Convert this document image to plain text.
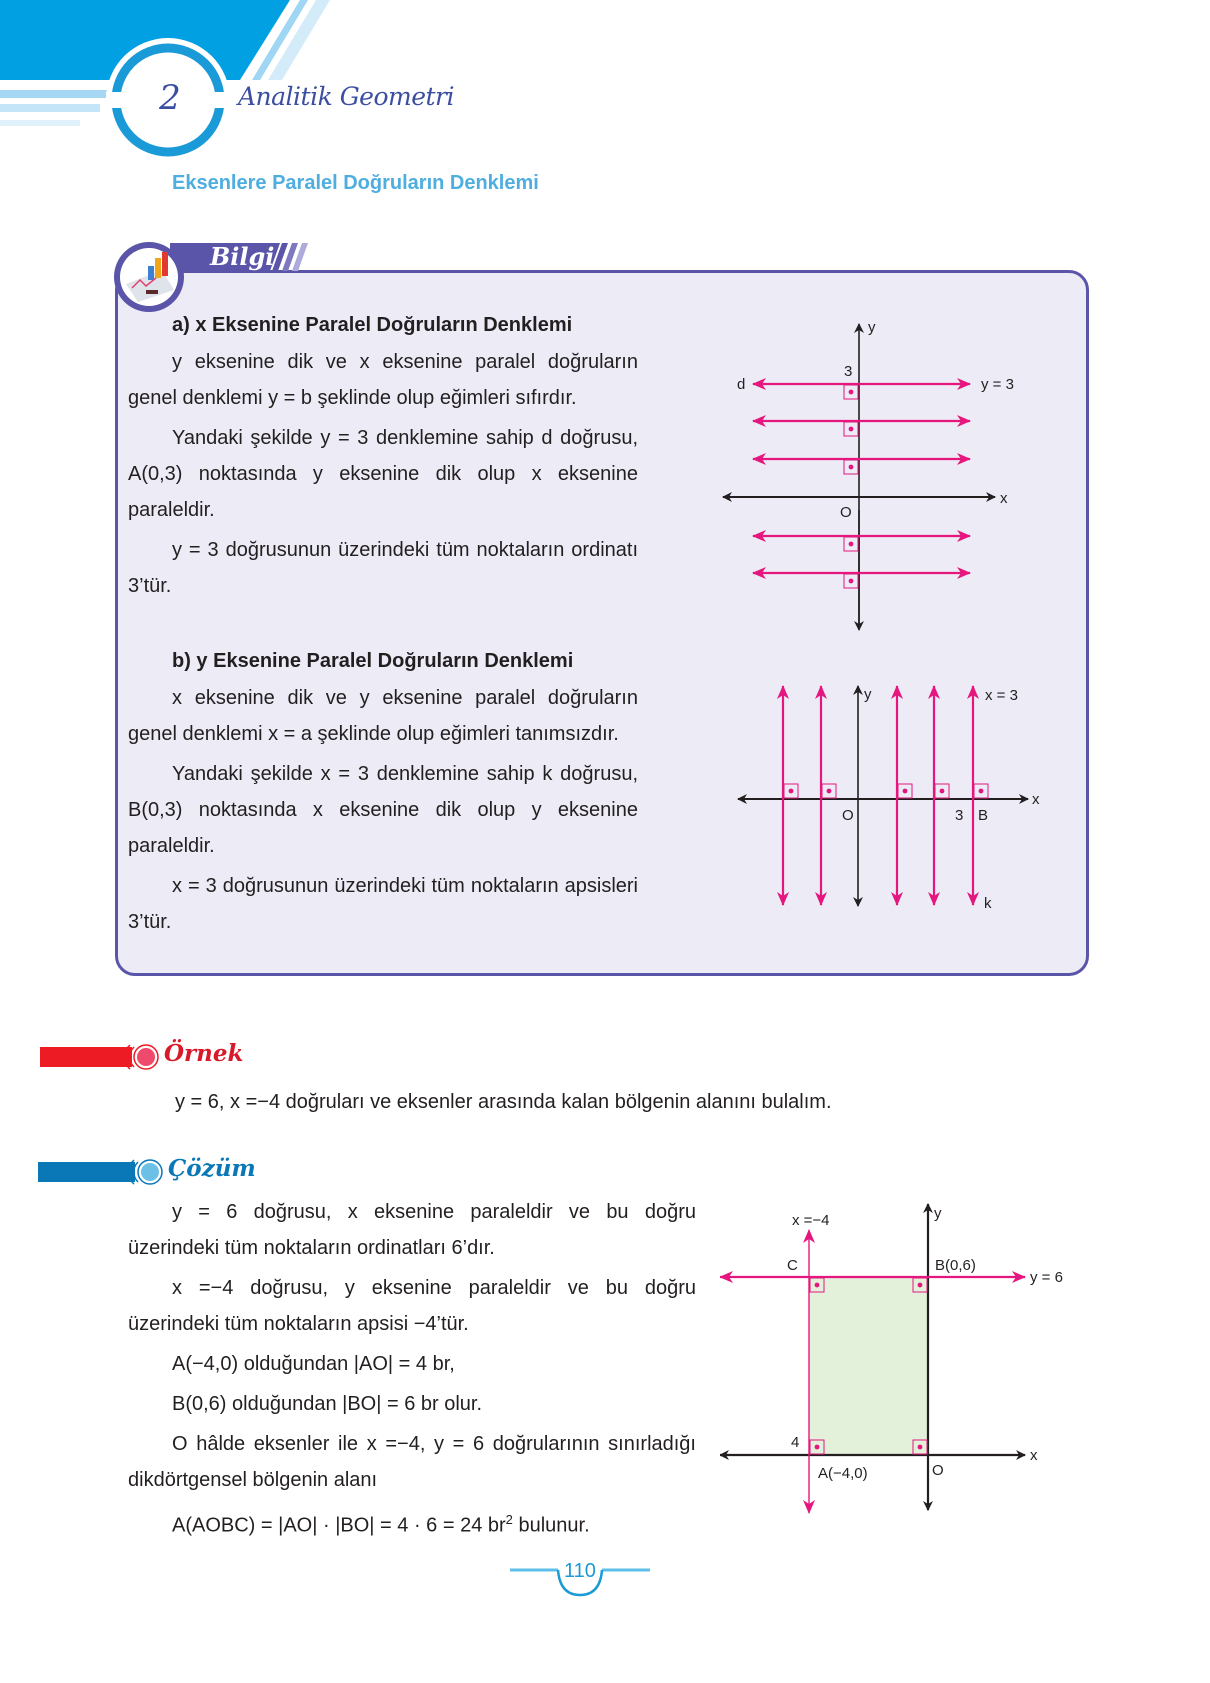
2	Analitik Geometri
Eksenlere Paralel Doğruların Denklemi
Bilgi
a) x Eksenine Paralel Doğruların Denklemi

y eksenine dik ve x eksenine paralel doğruların genel denklemi y = b şeklinde olup eğimleri sıfırdır.

Yandaki şekilde y = 3 denklemine sahip d doğrusu, A(0,3) noktasında y eksenine dik olup x eksenine paraleldir.

y = 3 doğrusunun üzerindeki tüm noktaların ordinatı 3’tür.

y
x
O
3
d	y = 3
b) y Eksenine Paralel Doğruların Denklemi

x eksenine dik ve y eksenine paralel doğruların genel denklemi x = a şeklinde olup eğimleri tanımsızdır.

Yandaki şekilde x = 3 denklemine sahip k doğrusu, B(0,3) noktasında x eksenine dik olup y eksenine paraleldir.

x = 3 doğrusunun üzerindeki tüm noktaların apsisleri 3’tür.

y
x
O	3 B
k
x = 3
Örnek
y = 6, x =−4 doğruları ve eksenler arasında kalan bölgenin alanını bulalım.
Çözüm

y = 6 doğrusu, x eksenine paraleldir ve bu doğru üzerindeki tüm noktaların ordinatları 6’dır.

x =−4 doğrusu, y eksenine paraleldir ve bu doğru üzerindeki tüm noktaların apsisi −4’tür.

A(−4,0) olduğundan |AO| = 4 br,

B(0,6) olduğundan |BO| = 6 br olur.

O hâlde eksenler ile x =−4, y = 6 doğrularının sınırladığı dikdörtgensel bölgenin alanı

A(AOBC) = |AO| · |BO| = 4 · 6 = 24 $br^2$ bulunur.

y
x
O
x =−4
y = 6
C	B(0,6)
A(−4,0)
4
110
